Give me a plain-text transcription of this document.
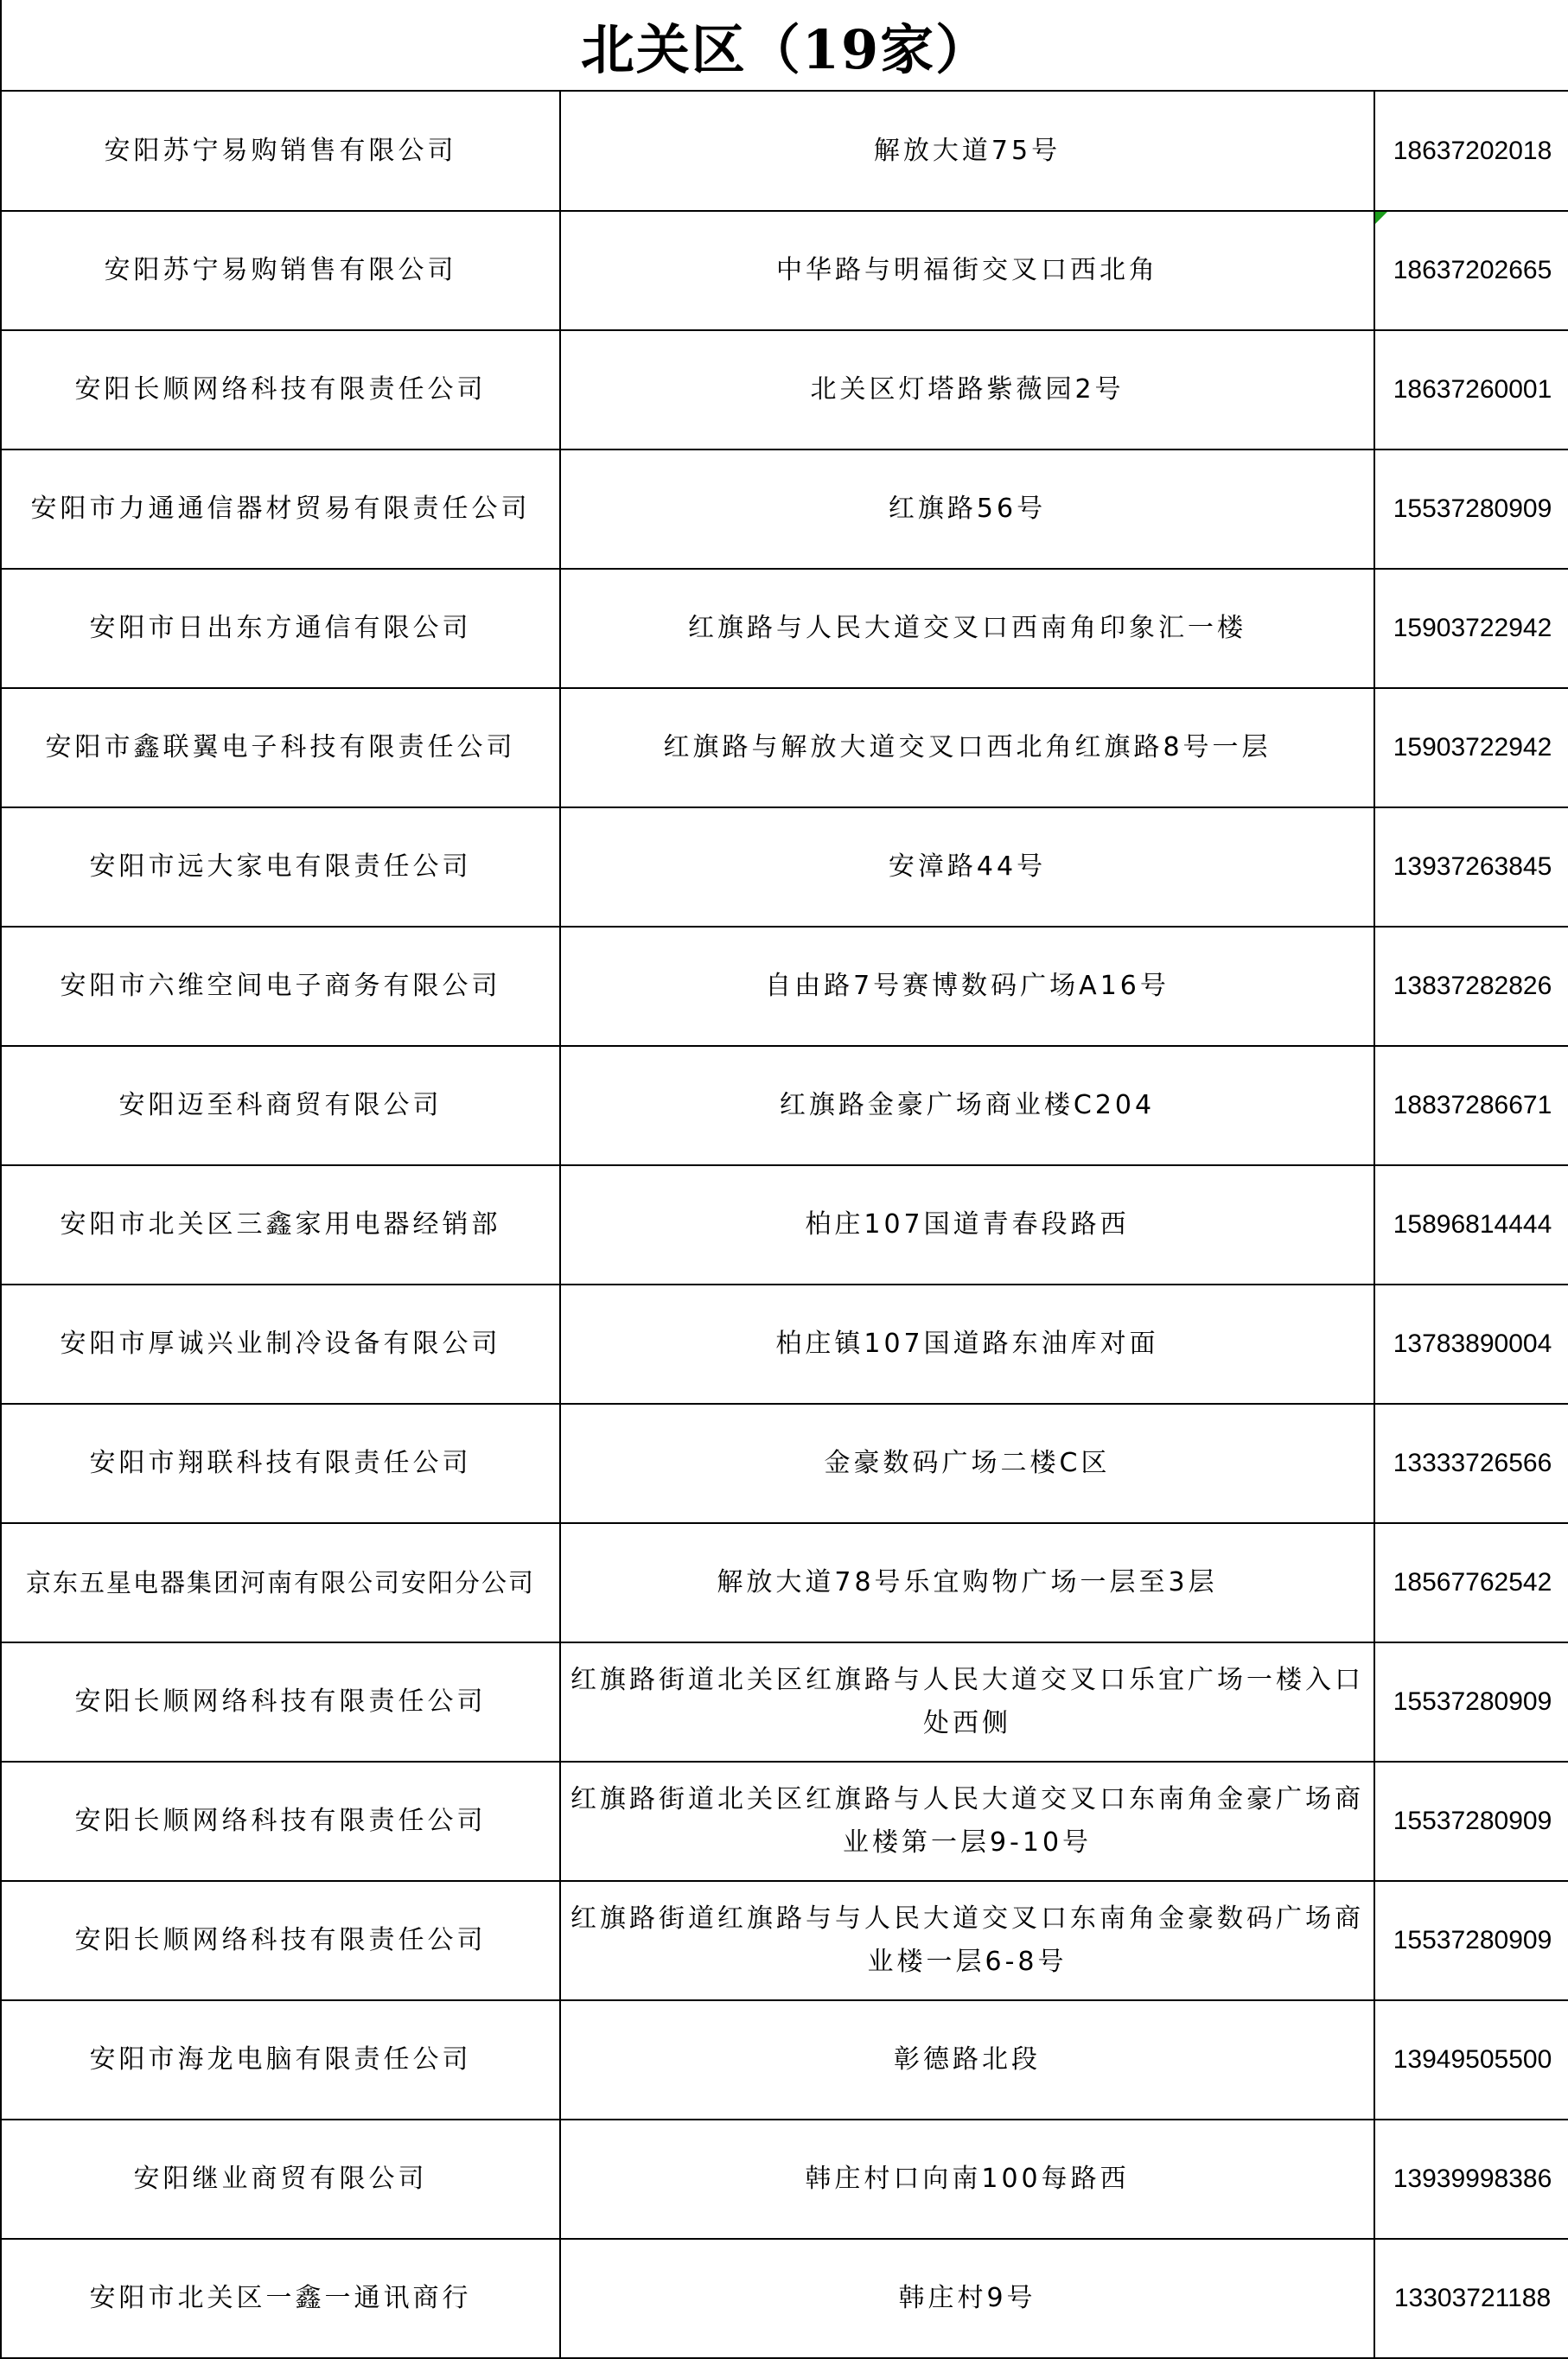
北关区（19家）
安阳苏宁易购销售有限公司	解放大道75号	18637202018
安阳苏宁易购销售有限公司	中华路与明福街交叉口西北角	18637202665
安阳长顺网络科技有限责任公司	北关区灯塔路紫薇园2号	18637260001
安阳市力通通信器材贸易有限责任公司	红旗路56号	15537280909
安阳市日出东方通信有限公司	红旗路与人民大道交叉口西南角印象汇一楼	15903722942
安阳市鑫联翼电子科技有限责任公司	红旗路与解放大道交叉口西北角红旗路8号一层	15903722942
安阳市远大家电有限责任公司	安漳路44号	13937263845
安阳市六维空间电子商务有限公司	自由路7号赛博数码广场A16号	13837282826
安阳迈至科商贸有限公司	红旗路金豪广场商业楼C204	18837286671
安阳市北关区三鑫家用电器经销部	柏庄107国道青春段路西	15896814444
安阳市厚诚兴业制冷设备有限公司	柏庄镇107国道路东油库对面	13783890004
安阳市翔联科技有限责任公司	金豪数码广场二楼C区	13333726566
京东五星电器集团河南有限公司安阳分公司	解放大道78号乐宜购物广场一层至3层	18567762542
安阳长顺网络科技有限责任公司	红旗路街道北关区红旗路与人民大道交叉口乐宜广场一楼入口处西侧	15537280909
安阳长顺网络科技有限责任公司	红旗路街道北关区红旗路与人民大道交叉口东南角金豪广场商业楼第一层9-10号	15537280909
安阳长顺网络科技有限责任公司	红旗路街道红旗路与与人民大道交叉口东南角金豪数码广场商业楼一层6-8号	15537280909
安阳市海龙电脑有限责任公司	彰德路北段	13949505500
安阳继业商贸有限公司	韩庄村口向南100每路西	13939998386
安阳市北关区一鑫一通讯商行	韩庄村9号	13303721188
